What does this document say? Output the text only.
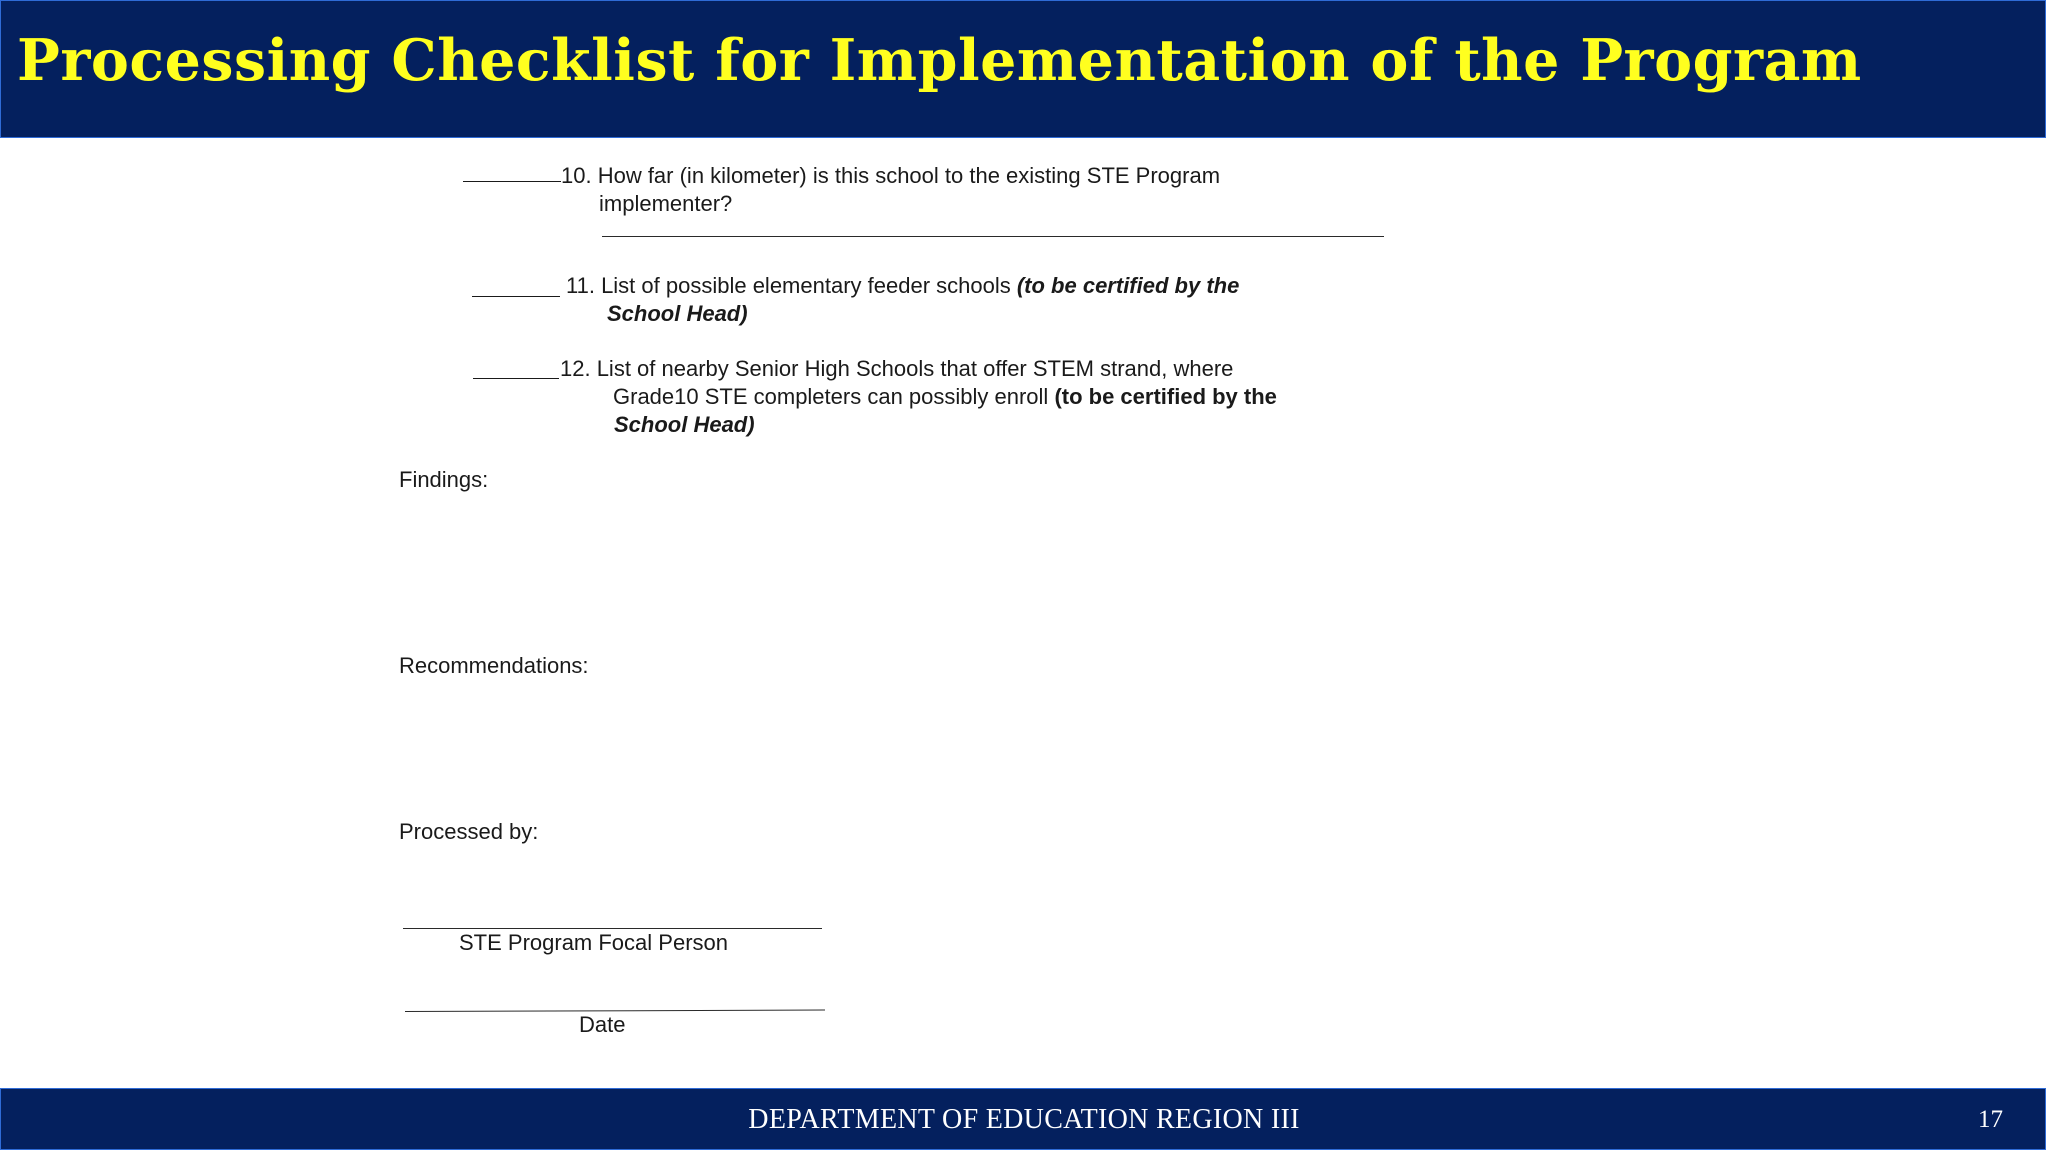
Processing Checklist for Implementation of the Program
10. How far (in kilometer) is this school to the existing STE Program
implementer?
11. List of possible elementary feeder schools (to be certified by the
School Head)
12. List of nearby Senior High Schools that offer STEM strand, where
Grade10 STE completers can possibly enroll (to be certified by the
School Head)
Findings:
Recommendations:
Processed by:
STE Program Focal Person
Date
DEPARTMENT OF EDUCATION REGION III	17
